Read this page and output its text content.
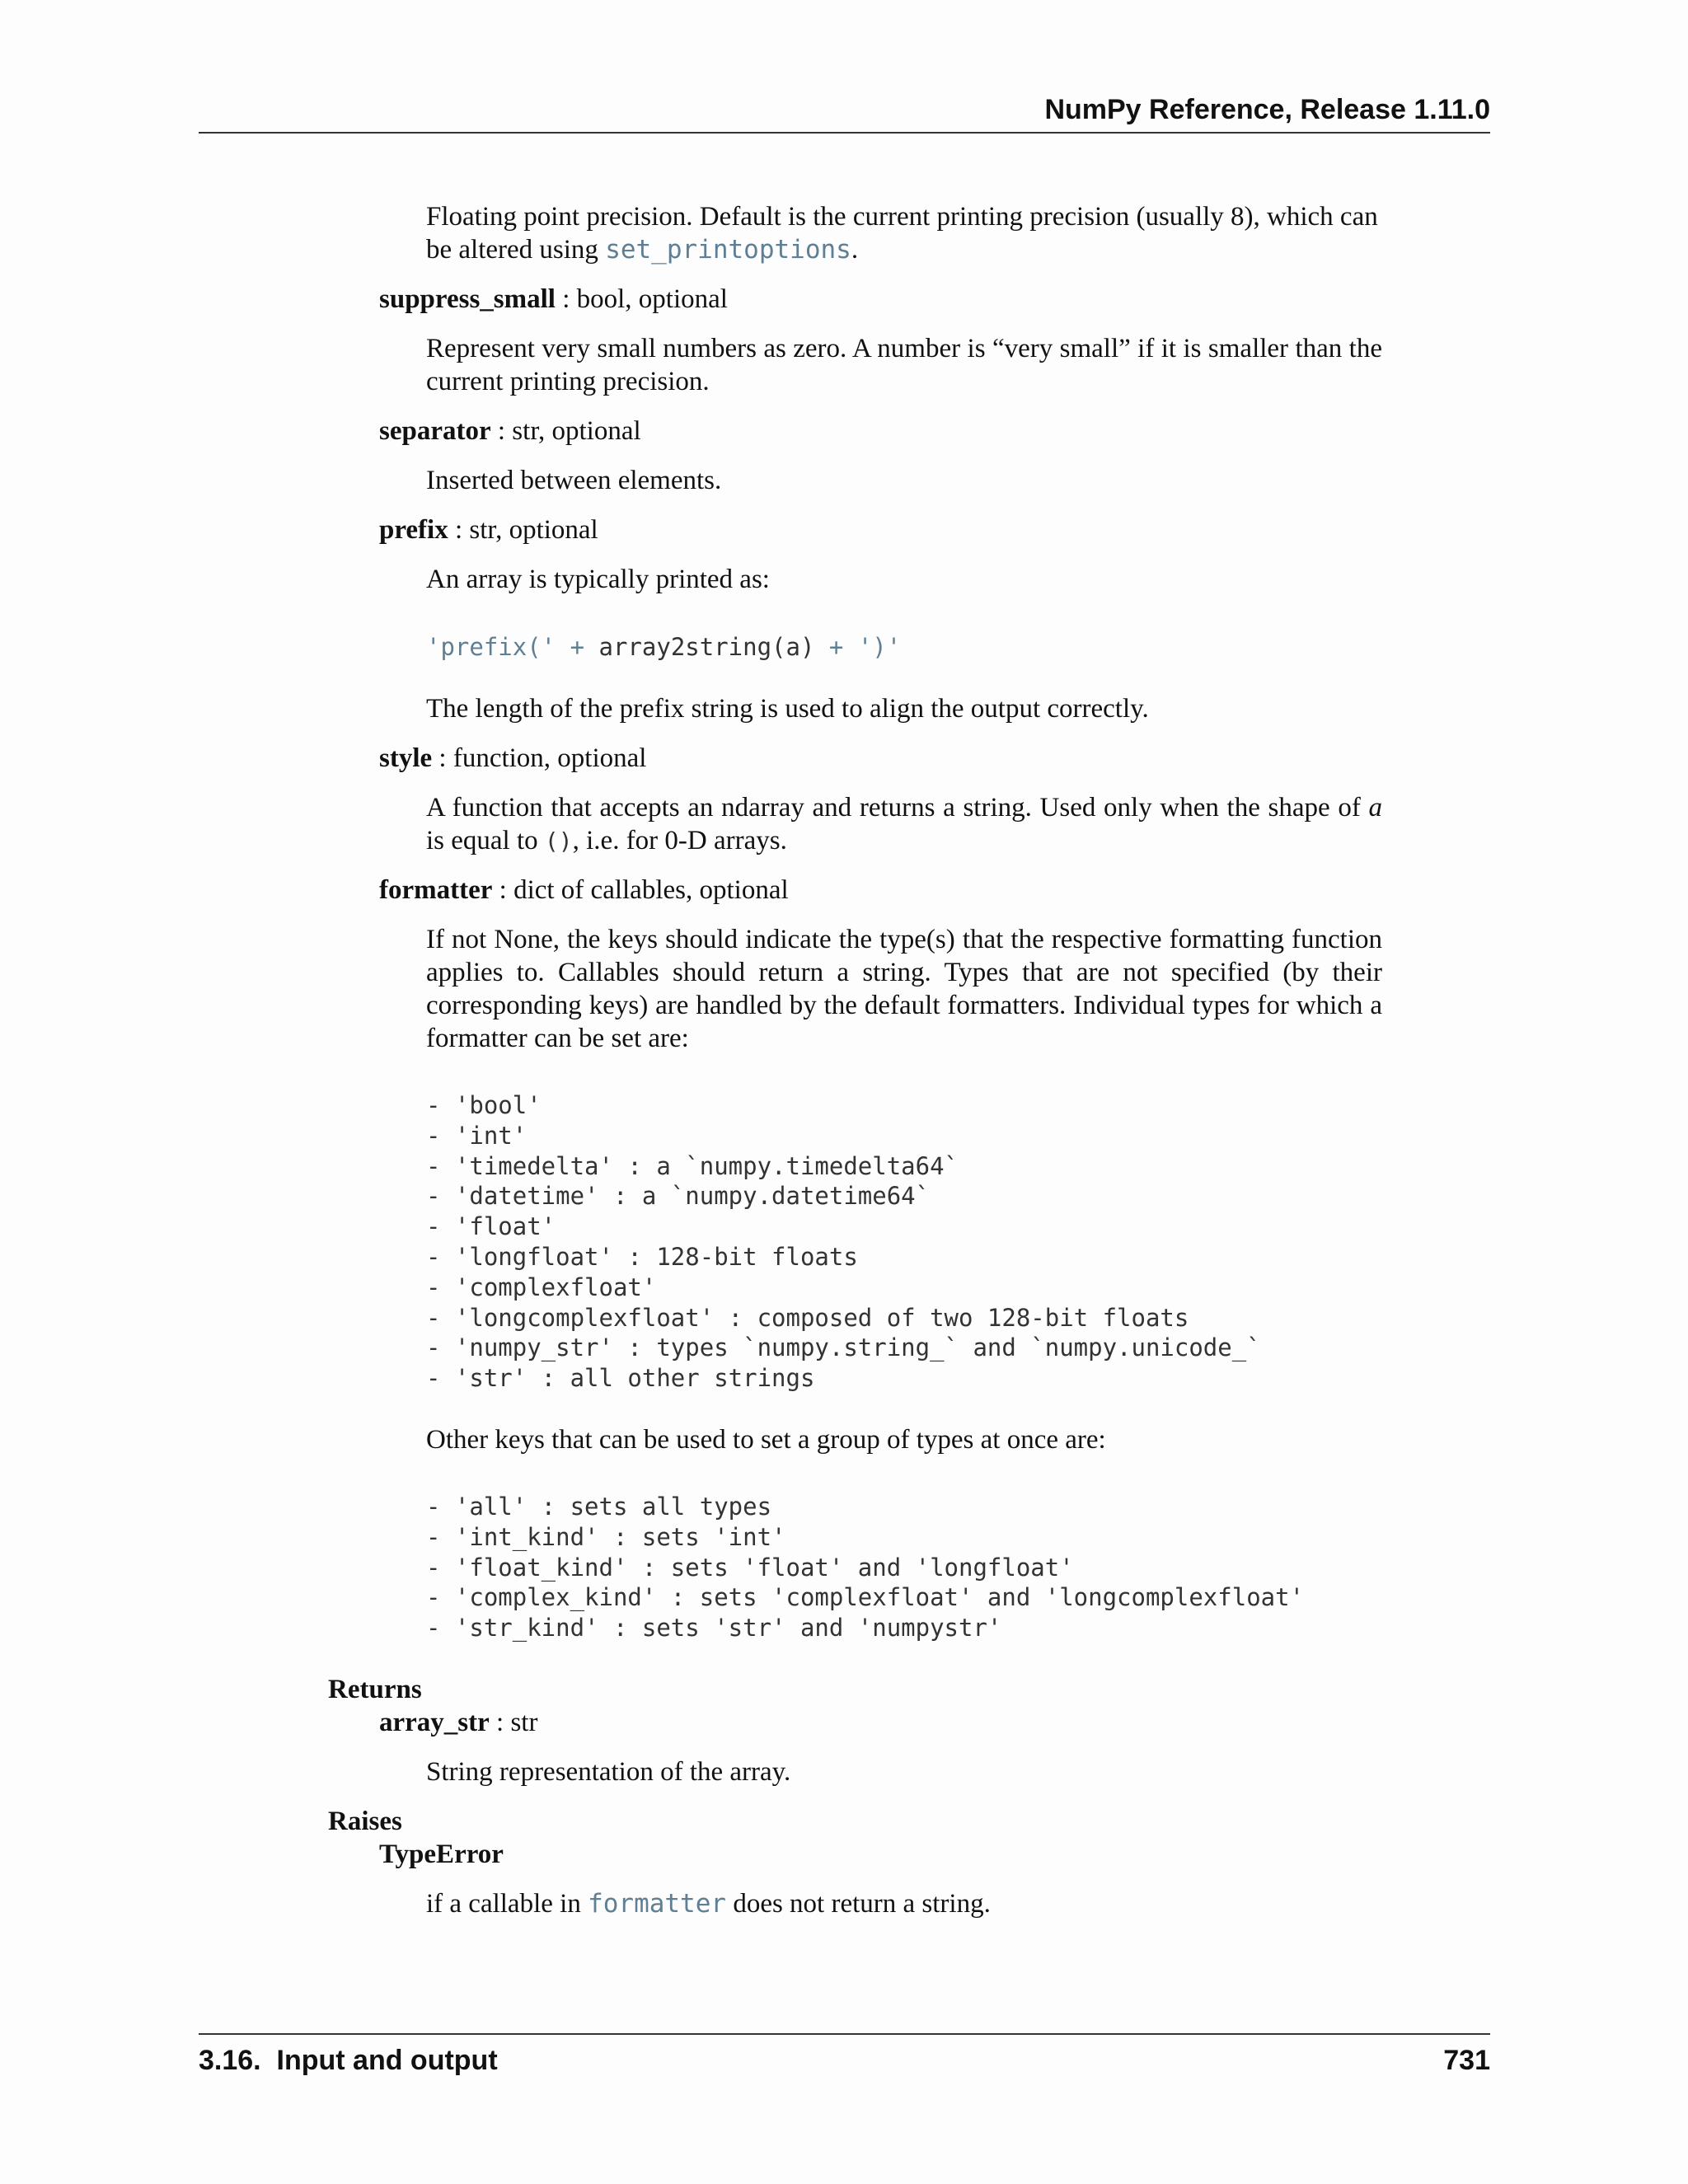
NumPy Reference, Release 1.11.0
Floating point precision. Default is the current printing precision (usually 8), which can
be altered using set_printoptions.
suppress_small : bool, optional
Represent very small numbers as zero. A number is “very small” if it is smaller than the current printing precision.
separator : str, optional
Inserted between elements.
prefix : str, optional
An array is typically printed as:
'prefix(' + array2string(a) + ')'
The length of the prefix string is used to align the output correctly.
style : function, optional
A function that accepts an ndarray and returns a string. Used only when the shape of a is equal to (), i.e. for 0-D arrays.
formatter : dict of callables, optional
If not None, the keys should indicate the type(s) that the respective formatting function applies to. Callables should return a string. Types that are not specified (by their corresponding keys) are handled by the default formatters. Individual types for which a formatter can be set are:
- 'bool'
- 'int'
- 'timedelta' : a `numpy.timedelta64`
- 'datetime' : a `numpy.datetime64`
- 'float'
- 'longfloat' : 128-bit floats
- 'complexfloat'
- 'longcomplexfloat' : composed of two 128-bit floats
- 'numpy_str' : types `numpy.string_` and `numpy.unicode_`
- 'str' : all other strings
Other keys that can be used to set a group of types at once are:
- 'all' : sets all types
- 'int_kind' : sets 'int'
- 'float_kind' : sets 'float' and 'longfloat'
- 'complex_kind' : sets 'complexfloat' and 'longcomplexfloat'
- 'str_kind' : sets 'str' and 'numpystr'
Returns
array_str : str
String representation of the array.
Raises
TypeError
if a callable in formatter does not return a string.
3.16.  Input and output	731
